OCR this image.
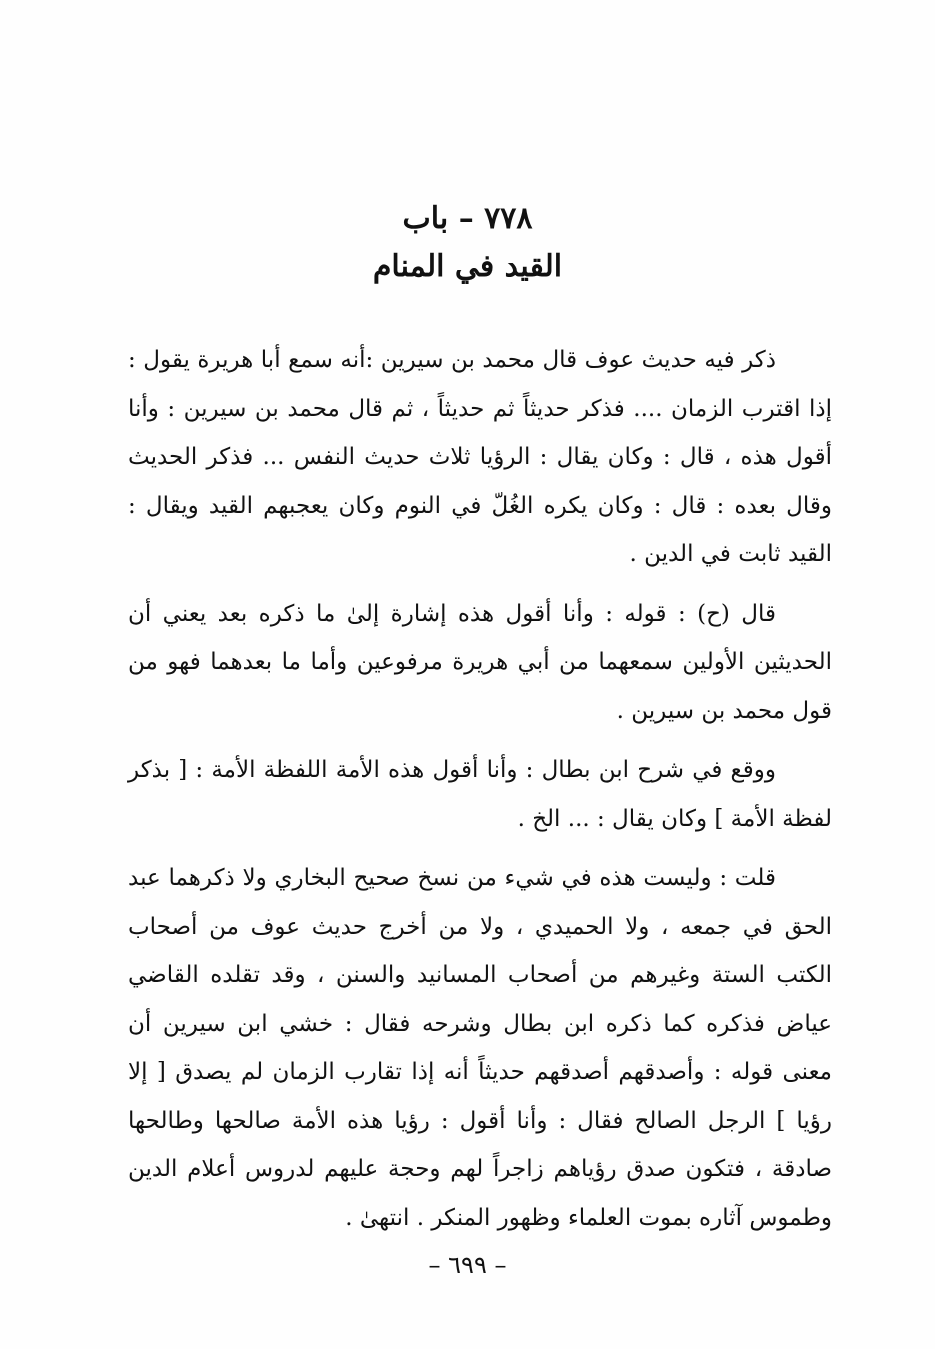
٧٧٨ – باب
القيد في المنام

ذكر فيه حديث عوف قال محمد بن سيرين :أنه سمع أبا هريرة يقول : إذا اقترب الزمان .... فذكر حديثاً ثم حديثاً ، ثم قال محمد بن سيرين : وأنا أقول هذه ، قال : وكان يقال : الرؤيا ثلاث حديث النفس ... فذكر الحديث وقال بعده : قال : وكان يكره الغُلّ في النوم وكان يعجبهم القيد ويقال : القيد ثابت في الدين .

قال (ح) : قوله : وأنا أقول هذه إشارة إلىٰ ما ذكره بعد يعني أن الحديثين الأولين سمعهما من أبي هريرة مرفوعين وأما ما بعدهما فهو من قول محمد بن سيرين .

ووقع في شرح ابن بطال : وأنا أقول هذه الأمة اللفظة الأمة : [ بذكر لفظة الأمة ] وكان يقال : ... الخ .

قلت : وليست هذه في شيء من نسخ صحيح البخاري ولا ذكرهما عبد الحق في جمعه ، ولا الحميدي ، ولا من أخرج حديث عوف من أصحاب الكتب الستة وغيرهم من أصحاب المسانيد والسنن ، وقد تقلده القاضي عياض فذكره كما ذكره ابن بطال وشرحه فقال : خشي ابن سيرين أن معنى قوله : وأصدقهم أصدقهم حديثاً أنه إذا تقارب الزمان لم يصدق [ إلا رؤيا ] الرجل الصالح فقال : وأنا أقول : رؤيا هذه الأمة صالحها وطالحها صادقة ، فتكون صدق رؤياهم زاجراً لهم وحجة عليهم لدروس أعلام الدين وطموس آثاره بموت العلماء وظهور المنكر . انتهىٰ .

– ٦٩٩ –
